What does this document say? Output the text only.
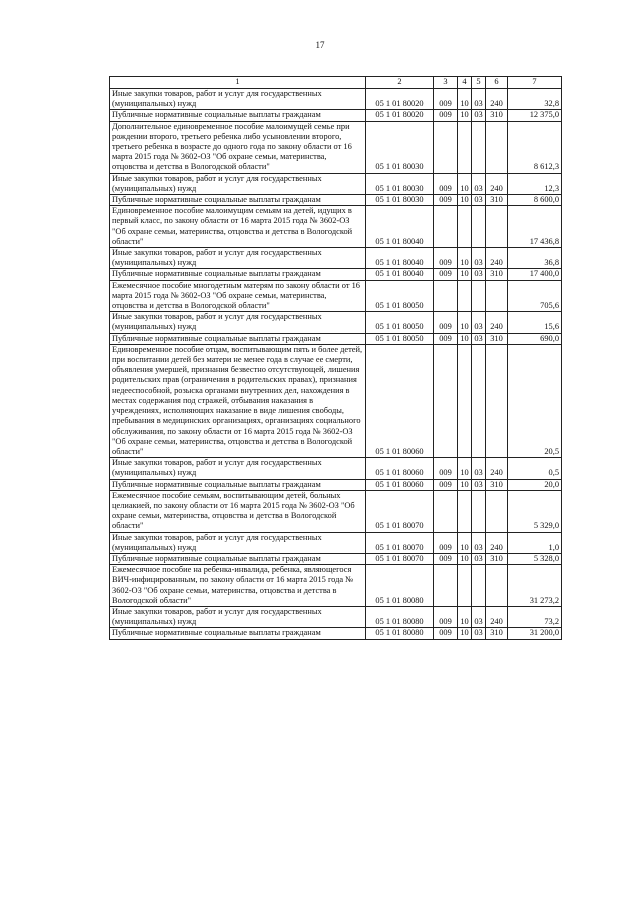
17
1	2	3	4	5	6	7
Иные закупки товаров, работ и услуг для государственных (муниципальных) нужд	05 1 01 80020	009	10	03	240	32,8
Публичные нормативные социальные выплаты гражданам	05 1 01 80020	009	10	03	310	12 375,0
Дополнительное единовременное пособие малоимущей семье при рождении второго, третьего ребенка либо усыновлении второго, третьего ребенка в возрасте до одного года по закону области от 16 марта 2015 года № 3602-ОЗ "Об охране семьи, материнства, отцовства и детства в Вологодской области"	05 1 01 80030					8 612,3
Иные закупки товаров, работ и услуг для государственных (муниципальных) нужд	05 1 01 80030	009	10	03	240	12,3
Публичные нормативные социальные выплаты гражданам	05 1 01 80030	009	10	03	310	8 600,0
Единовременное пособие малоимущим семьям на детей, идущих в первый класс, по закону области от 16 марта 2015 года № 3602-ОЗ "Об охране семьи, материнства, отцовства и детства в Вологодской области"	05 1 01 80040					17 436,8
Иные закупки товаров, работ и услуг для государственных (муниципальных) нужд	05 1 01 80040	009	10	03	240	36,8
Публичные нормативные социальные выплаты гражданам	05 1 01 80040	009	10	03	310	17 400,0
Ежемесячное пособие многодетным матерям по закону области от 16 марта 2015 года № 3602-ОЗ "Об охране семьи, материнства, отцовства и детства в Вологодской области"	05 1 01 80050					705,6
Иные закупки товаров, работ и услуг для государственных (муниципальных) нужд	05 1 01 80050	009	10	03	240	15,6
Публичные нормативные социальные выплаты гражданам	05 1 01 80050	009	10	03	310	690,0
Единовременное пособие отцам, воспитывающим пять и более детей, при воспитании детей без матери не менее года в случае ее смерти, объявления умершей, признания безвестно отсутствующей, лишения родительских прав (ограничения в родительских правах), признания недееспособной, розыска органами внутренних дел, нахождения в местах содержания под стражей, отбывания наказания в учреждениях, исполняющих наказание в виде лишения свободы, пребывания в медицинских организациях, организациях социального обслуживания, по закону области от 16 марта 2015 года № 3602-ОЗ "Об охране семьи, материнства, отцовства и детства в Вологодской области"	05 1 01 80060					20,5
Иные закупки товаров, работ и услуг для государственных (муниципальных) нужд	05 1 01 80060	009	10	03	240	0,5
Публичные нормативные социальные выплаты гражданам	05 1 01 80060	009	10	03	310	20,0
Ежемесячное пособие семьям, воспитывающим детей, больных целиакией, по закону области от 16 марта 2015 года № 3602-ОЗ "Об охране семьи, материнства, отцовства и детства в Вологодской области"	05 1 01 80070					5 329,0
Иные закупки товаров, работ и услуг для государственных (муниципальных) нужд	05 1 01 80070	009	10	03	240	1,0
Публичные нормативные социальные выплаты гражданам	05 1 01 80070	009	10	03	310	5 328,0
Ежемесячное пособие на ребенка-инвалида, ребенка, являющегося ВИЧ-инфицированным, по закону области от 16 марта 2015 года № 3602-ОЗ "Об охране семьи, материнства, отцовства и детства в Вологодской области"	05 1 01 80080					31 273,2
Иные закупки товаров, работ и услуг для государственных (муниципальных) нужд	05 1 01 80080	009	10	03	240	73,2
Публичные нормативные социальные выплаты гражданам	05 1 01 80080	009	10	03	310	31 200,0
